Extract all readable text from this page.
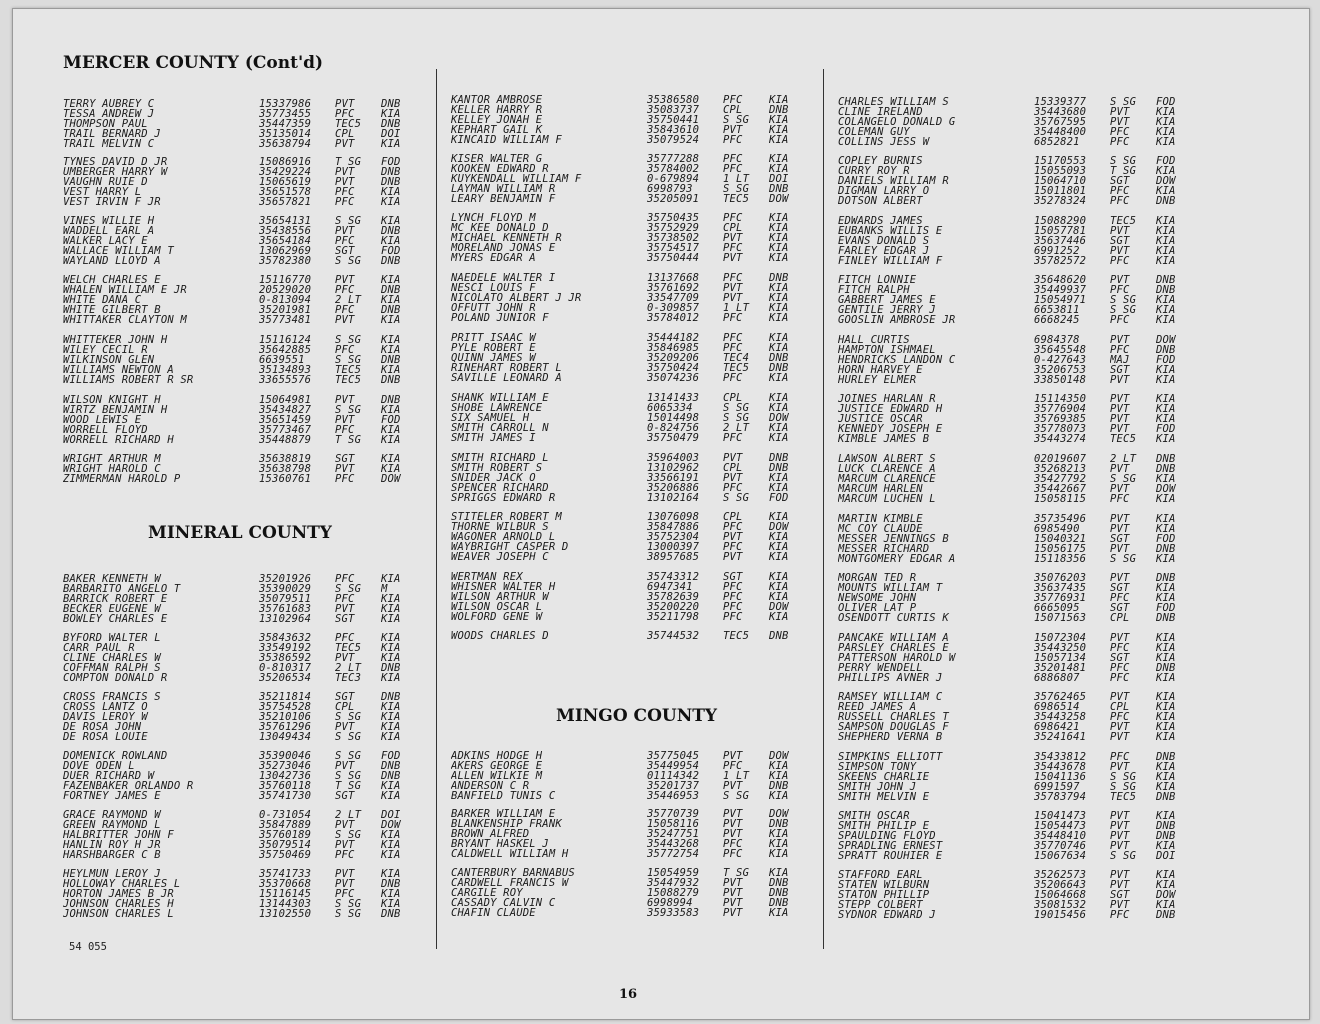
MERCER COUNTY (Cont'd)
TERRY AUBREY C	15337986	PVT	DNB
TESSA ANDREW J	35773455	PFC	KIA
THOMPSON PAUL	35447359	TEC5	DNB
TRAIL BERNARD J	35135014	CPL	DOI
TRAIL MELVIN C	35638794	PVT	KIA
TYNES DAVID D JR	15086916	T SG	FOD
UMBERGER HARRY W	35429224	PVT	DNB
VAUGHN RUIE D	15065619	PVT	DNB
VEST HARRY L	35651578	PFC	KIA
VEST IRVIN F JR	35657821	PFC	KIA
VINES WILLIE H	35654131	S SG	KIA
WADDELL EARL A	35438556	PVT	DNB
WALKER LACY E	35654184	PFC	KIA
WALLACE WILLIAM T	13062969	SGT	FOD
WAYLAND LLOYD A	35782380	S SG	DNB
WELCH CHARLES E	15116770	PVT	KIA
WHALEN WILLIAM E JR	20529020	PFC	DNB
WHITE DANA C	0-813094	2 LT	KIA
WHITE GILBERT B	35201981	PFC	DNB
WHITTAKER CLAYTON M	35773481	PVT	KIA
WHITTEKER JOHN H	15116124	S SG	KIA
WILEY CECIL R	35642885	PFC	KIA
WILKINSON GLEN	6639551	S SG	DNB
WILLIAMS NEWTON A	35134893	TEC5	KIA
WILLIAMS ROBERT R SR	33655576	TEC5	DNB
WILSON KNIGHT H	15064981	PVT	DNB
WIRTZ BENJAMIN H	35434827	S SG	KIA
WOOD LEWIS E	35651459	PVT	FOD
WORRELL FLOYD	35773467	PFC	KIA
WORRELL RICHARD H	35448879	T SG	KIA
WRIGHT ARTHUR M	35638819	SGT	KIA
WRIGHT HAROLD C	35638798	PVT	KIA
ZIMMERMAN HAROLD P	15360761	PFC	DOW
MINERAL COUNTY
BAKER KENNETH W	35201926	PFC	KIA
BARBARITO ANGELO T	35390029	S SG	M
BARRICK ROBERT E	35079511	PFC	KIA
BECKER EUGENE W	35761683	PVT	KIA
BOWLEY CHARLES E	13102964	SGT	KIA
BYFORD WALTER L	35843632	PFC	KIA
CARR PAUL R	33549192	TEC5	KIA
CLINE CHARLES W	35386592	PVT	KIA
COFFMAN RALPH S	0-810317	2 LT	DNB
COMPTON DONALD R	35206534	TEC3	KIA
CROSS FRANCIS S	35211814	SGT	DNB
CROSS LANTZ O	35754528	CPL	KIA
DAVIS LEROY W	35210106	S SG	KIA
DE ROSA JOHN	35761296	PVT	KIA
DE ROSA LOUIE	13049434	S SG	KIA
DOMENICK ROWLAND	35390046	S SG	FOD
DOVE ODEN L	35273046	PVT	DNB
DUER RICHARD W	13042736	S SG	DNB
FAZENBAKER ORLANDO R	35760118	T SG	KIA
FORTNEY JAMES E	35741730	SGT	KIA
GRACE RAYMOND W	0-731054	2 LT	DOI
GREEN RAYMOND L	35847889	PVT	DOW
HALBRITTER JOHN F	35760189	S SG	KIA
HANLIN ROY H JR	35079514	PVT	KIA
HARSHBARGER C B	35750469	PFC	KIA
HEYLMUN LEROY J	35741733	PVT	KIA
HOLLOWAY CHARLES L	35370668	PVT	DNB
HORTON JAMES B JR	15116145	PFC	KIA
JOHNSON CHARLES H	13144303	S SG	KIA
JOHNSON CHARLES L	13102550	S SG	DNB
KANTOR AMBROSE	35386580	PFC	KIA
KELLER HARRY R	35083737	CPL	DNB
KELLEY JONAH E	35750441	S SG	KIA
KEPHART GAIL K	35843610	PVT	KIA
KINCAID WILLIAM F	35079524	PFC	KIA
KISER WALTER G	35777288	PFC	KIA
KOOKEN EDWARD R	35784002	PFC	KIA
KUYKENDALL WILLIAM F	0-679894	1 LT	DOI
LAYMAN WILLIAM R	6998793	S SG	DNB
LEARY BENJAMIN F	35205091	TEC5	DOW
LYNCH FLOYD M	35750435	PFC	KIA
MC KEE DONALD D	35752929	CPL	KIA
MICHAEL KENNETH R	35738502	PVT	KIA
MORELAND JONAS E	35754517	PFC	KIA
MYERS EDGAR A	35750444	PVT	KIA
NAEDELE WALTER I	13137668	PFC	DNB
NESCI LOUIS F	35761692	PVT	KIA
NICOLATO ALBERT J JR	33547709	PVT	KIA
OFFUTT JOHN R	0-309857	1 LT	KIA
POLAND JUNIOR F	35784012	PFC	KIA
PRITT ISAAC W	35444182	PFC	KIA
PYLE ROBERT E	35846985	PFC	KIA
QUINN JAMES W	35209206	TEC4	DNB
RINEHART ROBERT L	35750424	TEC5	DNB
SAVILLE LEONARD A	35074236	PFC	KIA
SHANK WILLIAM E	13141433	CPL	KIA
SHOBE LAWRENCE	6065334	S SG	KIA
SIX SAMUEL H	15014498	S SG	DOW
SMITH CARROLL N	0-824756	2 LT	KIA
SMITH JAMES I	35750479	PFC	KIA
SMITH RICHARD L	35964003	PVT	DNB
SMITH ROBERT S	13102962	CPL	DNB
SNIDER JACK O	33566191	PVT	KIA
SPENCER RICHARD	35206886	PFC	KIA
SPRIGGS EDWARD R	13102164	S SG	FOD
STITELER ROBERT M	13076098	CPL	KIA
THORNE WILBUR S	35847886	PFC	DOW
WAGONER ARNOLD L	35752304	PVT	KIA
WAYBRIGHT CASPER D	13000397	PFC	KIA
WEAVER JOSEPH C	38957685	PVT	KIA
WERTMAN REX	35743312	SGT	KIA
WHISNER WALTER H	6947341	PFC	KIA
WILSON ARTHUR W	35782639	PFC	KIA
WILSON OSCAR L	35200220	PFC	DOW
WOLFORD GENE W	35211798	PFC	KIA
WOODS CHARLES D	35744532	TEC5	DNB
MINGO COUNTY
ADKINS HODGE H	35775045	PVT	DOW
AKERS GEORGE E	35449954	PFC	KIA
ALLEN WILKIE M	01114342	1 LT	KIA
ANDERSON C R	35201737	PVT	DNB
BANFIELD TUNIS C	35446953	S SG	KIA
BARKER WILLIAM E	35770739	PVT	DOW
BLANKENSHIP FRANK	15058116	PVT	DNB
BROWN ALFRED	35247751	PVT	KIA
BRYANT HASKEL J	35443268	PFC	KIA
CALDWELL WILLIAM H	35772754	PFC	KIA
CANTERBURY BARNABUS	15054959	T SG	KIA
CARDWELL FRANCIS W	35447932	PVT	DNB
CARGILE ROY	15088279	PVT	DNB
CASSADY CALVIN C	6998994	PVT	DNB
CHAFIN CLAUDE	35933583	PVT	KIA
CHARLES WILLIAM S	15339377	S SG	FOD
CLINE IRELAND	35443680	PVT	KIA
COLANGELO DONALD G	35767595	PVT	KIA
COLEMAN GUY	35448400	PFC	KIA
COLLINS JESS W	6852821	PFC	KIA
COPLEY BURNIS	15170553	S SG	FOD
CURRY ROY R	15055093	T SG	KIA
DANIELS WILLIAM R	15064710	SGT	DOW
DIGMAN LARRY O	15011801	PFC	KIA
DOTSON ALBERT	35278324	PFC	DNB
EDWARDS JAMES	15088290	TEC5	KIA
EUBANKS WILLIS E	15057781	PVT	KIA
EVANS DONALD S	35637446	SGT	KIA
FARLEY EDGAR J	6991252	PVT	KIA
FINLEY WILLIAM F	35782572	PFC	KIA
FITCH LONNIE	35648620	PVT	DNB
FITCH RALPH	35449937	PFC	DNB
GABBERT JAMES E	15054971	S SG	KIA
GENTILE JERRY J	6653811	S SG	KIA
GOOSLIN AMBROSE JR	6668245	PFC	KIA
HALL CURTIS	6984378	PVT	DOW
HAMPTON ISHMAEL	35645548	PFC	DNB
HENDRICKS LANDON C	0-427643	MAJ	FOD
HORN HARVEY E	35206753	SGT	KIA
HURLEY ELMER	33850148	PVT	KIA
JOINES HARLAN R	15114350	PVT	KIA
JUSTICE EDWARD H	35776904	PVT	KIA
JUSTICE OSCAR	35769385	PVT	KIA
KENNEDY JOSEPH E	35778073	PVT	FOD
KIMBLE JAMES B	35443274	TEC5	KIA
LAWSON ALBERT S	02019607	2 LT	DNB
LUCK CLARENCE A	35268213	PVT	DNB
MARCUM CLARENCE	35427792	S SG	KIA
MARCUM HARLEN	35442667	PVT	DOW
MARCUM LUCHEN L	15058115	PFC	KIA
MARTIN KIMBLE	35735496	PVT	KIA
MC COY CLAUDE	6985490	PVT	KIA
MESSER JENNINGS B	15040321	SGT	FOD
MESSER RICHARD	15056175	PVT	DNB
MONTGOMERY EDGAR A	15118356	S SG	KIA
MORGAN TED R	35076203	PVT	DNB
MOUNTS WILLIAM T	35637435	SGT	KIA
NEWSOME JOHN	35776931	PFC	KIA
OLIVER LAT P	6665095	SGT	FOD
OSENDOTT CURTIS K	15071563	CPL	DNB
PANCAKE WILLIAM A	15072304	PVT	KIA
PARSLEY CHARLES E	35443250	PFC	KIA
PATTERSON HAROLD W	15057134	SGT	KIA
PERRY WENDELL	35201481	PFC	DNB
PHILLIPS AVNER J	6886807	PFC	KIA
RAMSEY WILLIAM C	35762465	PVT	KIA
REED JAMES A	6986514	CPL	KIA
RUSSELL CHARLES T	35443258	PFC	KIA
SAMPSON DOUGLAS F	6986421	PVT	KIA
SHEPHERD VERNA B	35241641	PVT	KIA
SIMPKINS ELLIOTT	35433812	PFC	DNB
SIMPSON TONY	35443678	PVT	KIA
SKEENS CHARLIE	15041136	S SG	KIA
SMITH JOHN J	6991597	S SG	KIA
SMITH MELVIN E	35783794	TEC5	DNB
SMITH OSCAR	15041473	PVT	KIA
SMITH PHILIP E	15054473	PVT	DNB
SPAULDING FLOYD	35448410	PVT	DNB
SPRADLING ERNEST	35770746	PVT	KIA
SPRATT ROUHIER E	15067634	S SG	DOI
STAFFORD EARL	35262573	PVT	KIA
STATEN WILBURN	35206643	PVT	KIA
STATON PHILLIP	15064668	SGT	DOW
STEPP COLBERT	35081532	PVT	KIA
SYDNOR EDWARD J	19015456	PFC	DNB
54 055
16
